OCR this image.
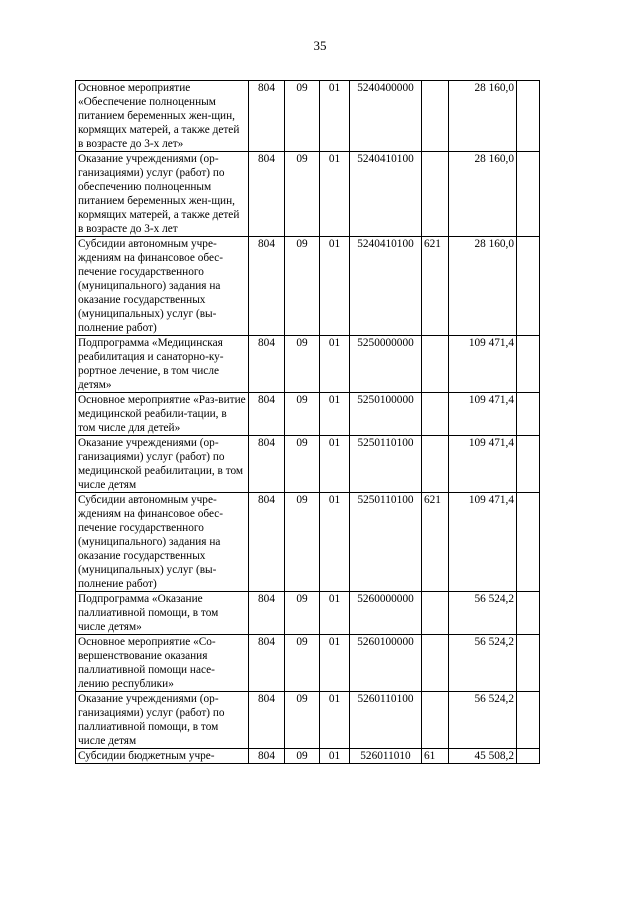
35
Основное мероприятие «Обеспечение полноценным питанием беременных жен-щин, кормящих матерей, а также детей в возрасте до 3-х лет»	804	09	01	5240400000		28 160,0	
Оказание учреждениями (ор-ганизациями) услуг (работ) по обеспечению полноценным питанием беременных жен-щин, кормящих матерей, а также детей в возрасте до 3-х лет	804	09	01	5240410100		28 160,0	
Субсидии автономным учре-ждениям на финансовое обес-печение государственного (муниципального) задания на оказание государственных (муниципальных) услуг (вы-полнение работ)	804	09	01	5240410100	621	28 160,0	
Подпрограмма «Медицинская реабилитация и санаторно-ку-рортное лечение, в том числе детям»	804	09	01	5250000000		109 471,4	
Основное мероприятие «Раз-витие медицинской реабили-тации, в том числе для детей»	804	09	01	5250100000		109 471,4	
Оказание учреждениями (ор-ганизациями) услуг (работ) по медицинской реабилитации, в том числе детям	804	09	01	5250110100		109 471,4	
Субсидии автономным учре-ждениям на финансовое обес-печение государственного (муниципального) задания на оказание государственных (муниципальных) услуг (вы-полнение работ)	804	09	01	5250110100	621	109 471,4	
Подпрограмма «Оказание паллиативной помощи, в том числе детям»	804	09	01	5260000000		56 524,2	
Основное мероприятие «Со-вершенствование оказания паллиативной помощи насе-лению республики»	804	09	01	5260100000		56 524,2	
Оказание учреждениями (ор-ганизациями) услуг (работ) по паллиативной помощи, в том числе детям	804	09	01	5260110100		56 524,2	
Субсидии бюджетным учре-	804	09	01	526011010	61	45 508,2	
